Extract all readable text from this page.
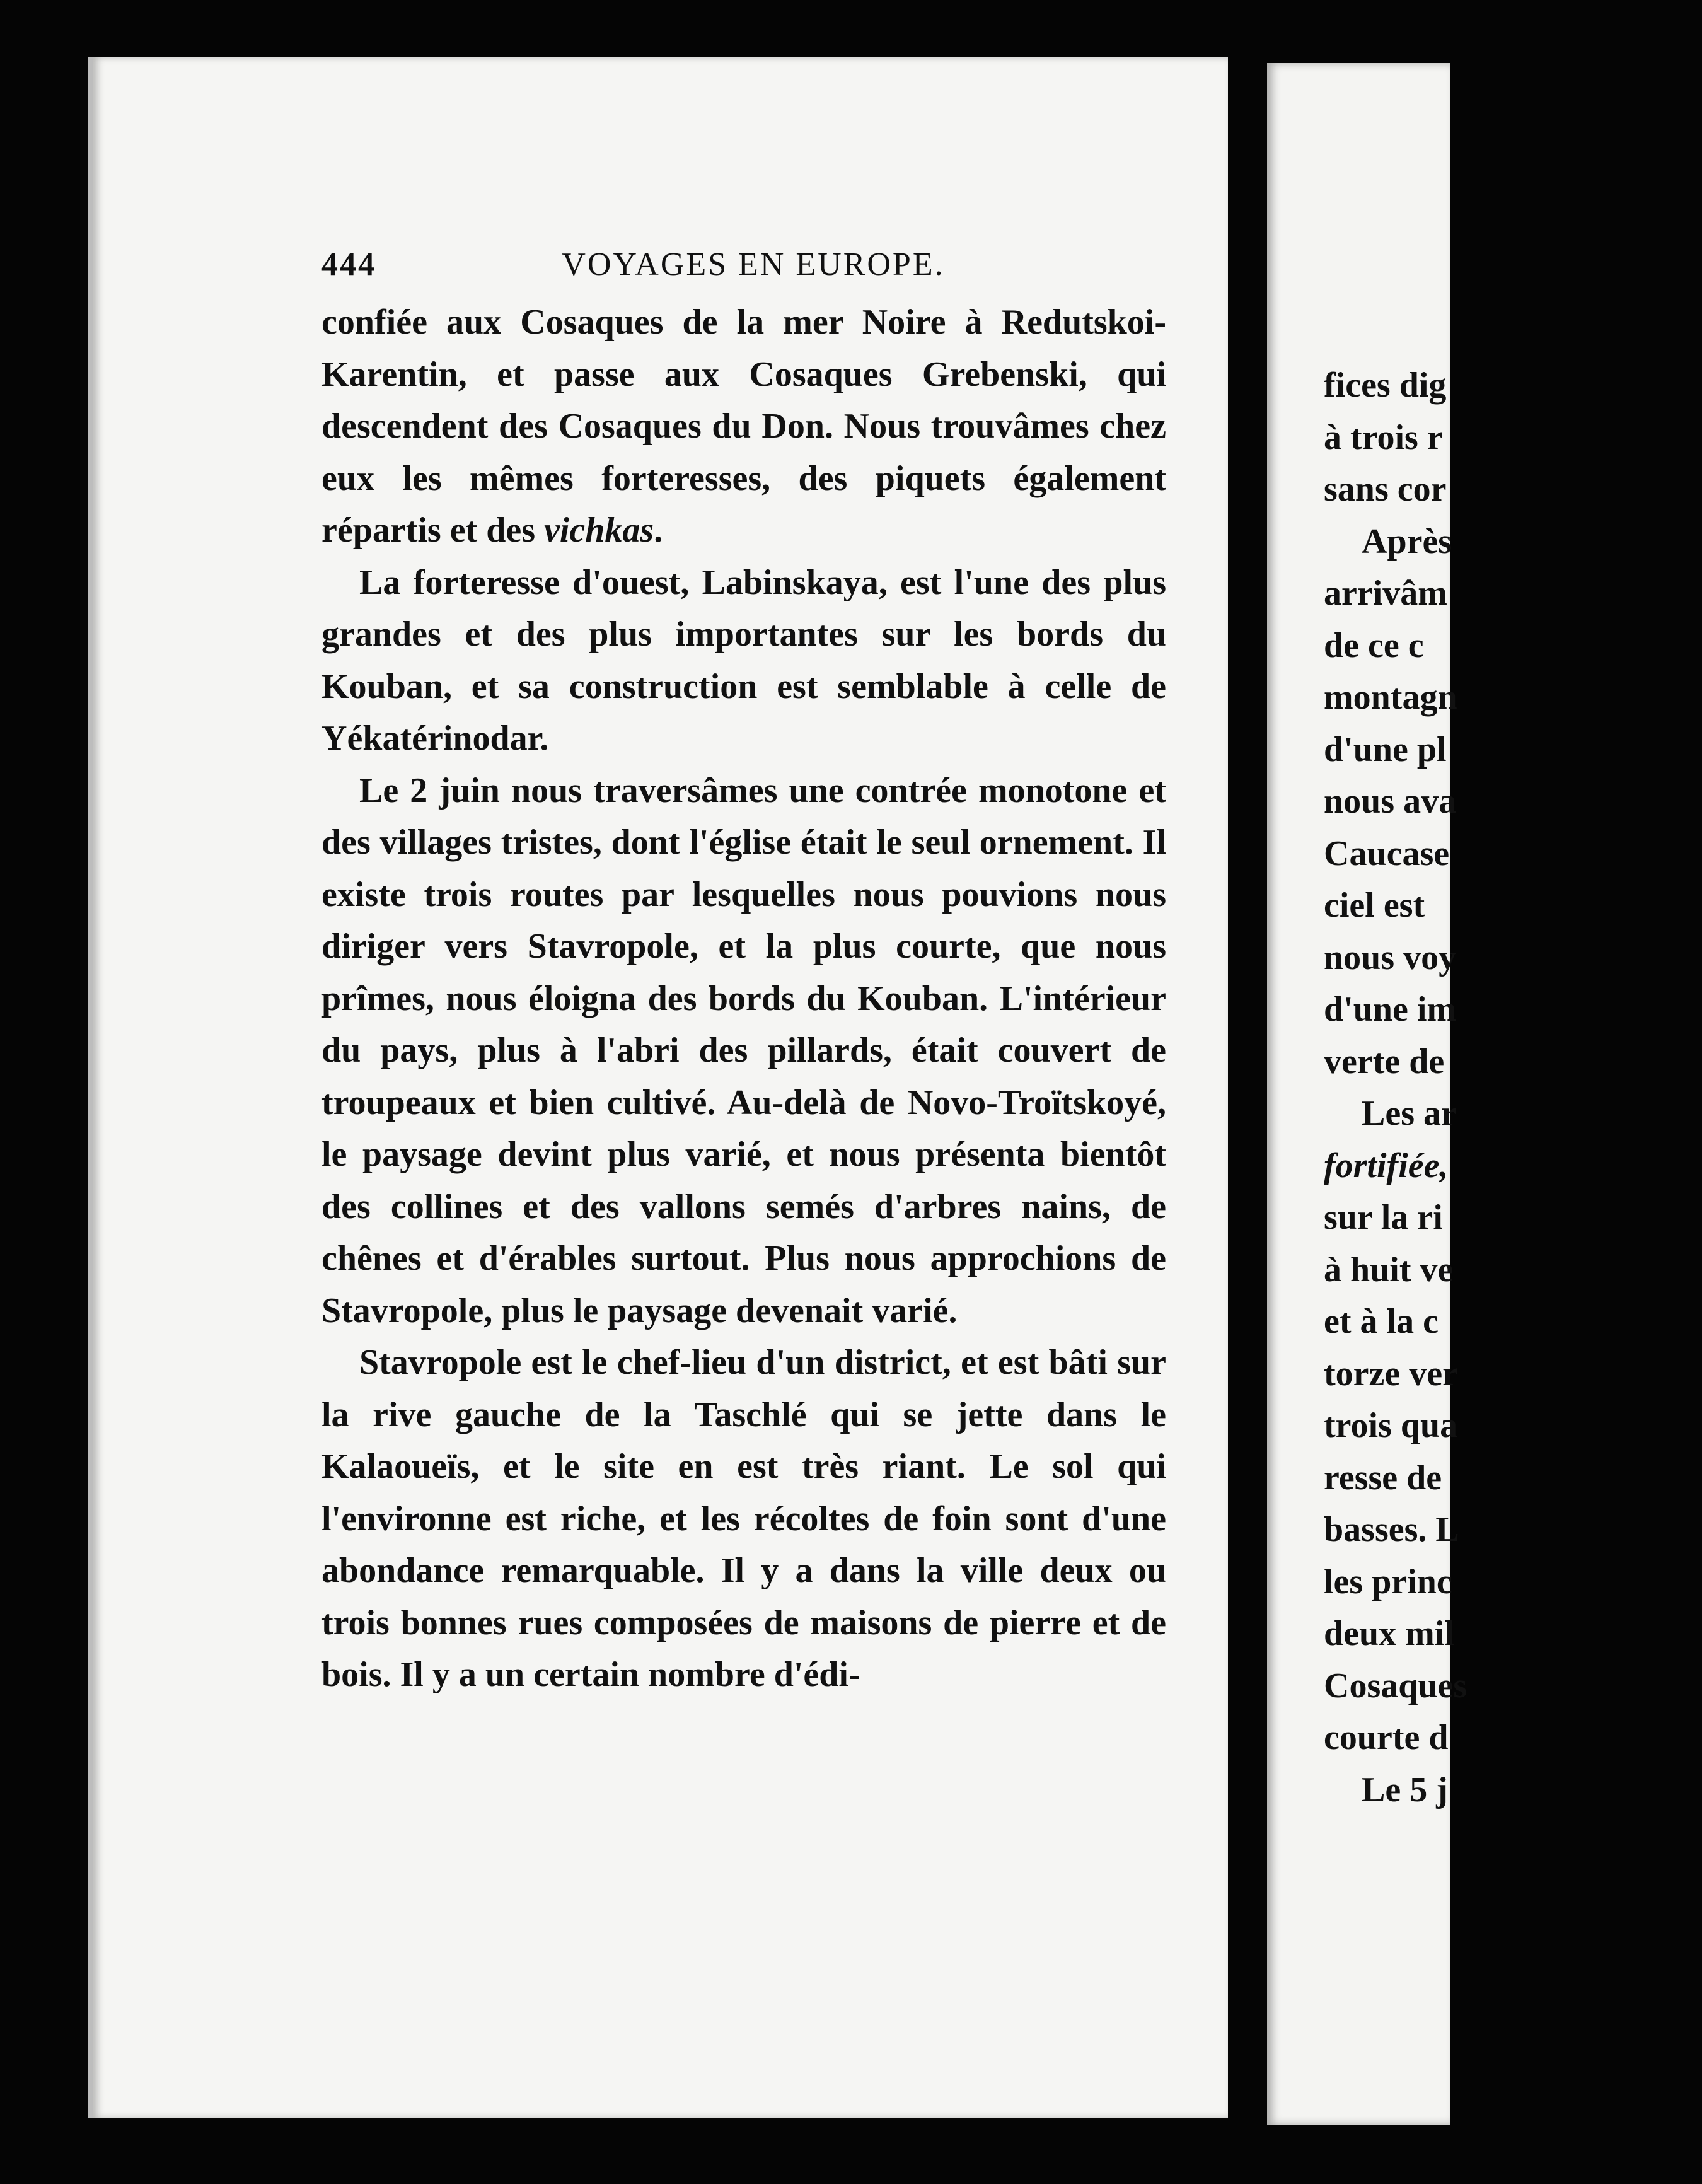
fices dig
à trois r
sans cor
Après
arrivâm
de ce c
montagn
d'une pl
nous ava
Caucase
ciel est
nous voy
d'une im
verte de
Les ar
fortifiée,
sur la ri
à huit ve
et à la c
torze ver
trois qua
resse de
basses. L
les princ
deux mil
Cosaques
courte d
Le 5 j
444	VOYAGES EN EUROPE.

confiée aux Cosaques de la mer Noire à Redutskoi-Karentin, et passe aux Cosaques Grebenski, qui descendent des Cosaques du Don. Nous trouvâmes chez eux les mêmes forteresses, des piquets également répartis et des vichkas.

La forteresse d'ouest, Labinskaya, est l'une des plus grandes et des plus importantes sur les bords du Kouban, et sa construction est semblable à celle de Yékatérinodar.

Le 2 juin nous traversâmes une contrée monotone et des villages tristes, dont l'église était le seul ornement. Il existe trois routes par lesquelles nous pouvions nous diriger vers Stavropole, et la plus courte, que nous prîmes, nous éloigna des bords du Kouban. L'intérieur du pays, plus à l'abri des pillards, était couvert de troupeaux et bien cultivé. Au-delà de Novo-Troïtskoyé, le paysage devint plus varié, et nous présenta bientôt des collines et des vallons semés d'arbres nains, de chênes et d'érables surtout. Plus nous approchions de Stavropole, plus le paysage devenait varié.

Stavropole est le chef-lieu d'un district, et est bâti sur la rive gauche de la Taschlé qui se jette dans le Kalaoueïs, et le site en est très riant. Le sol qui l'environne est riche, et les récoltes de foin sont d'une abondance remarquable. Il y a dans la ville deux ou trois bonnes rues composées de maisons de pierre et de bois. Il y a un certain nombre d'édi-
